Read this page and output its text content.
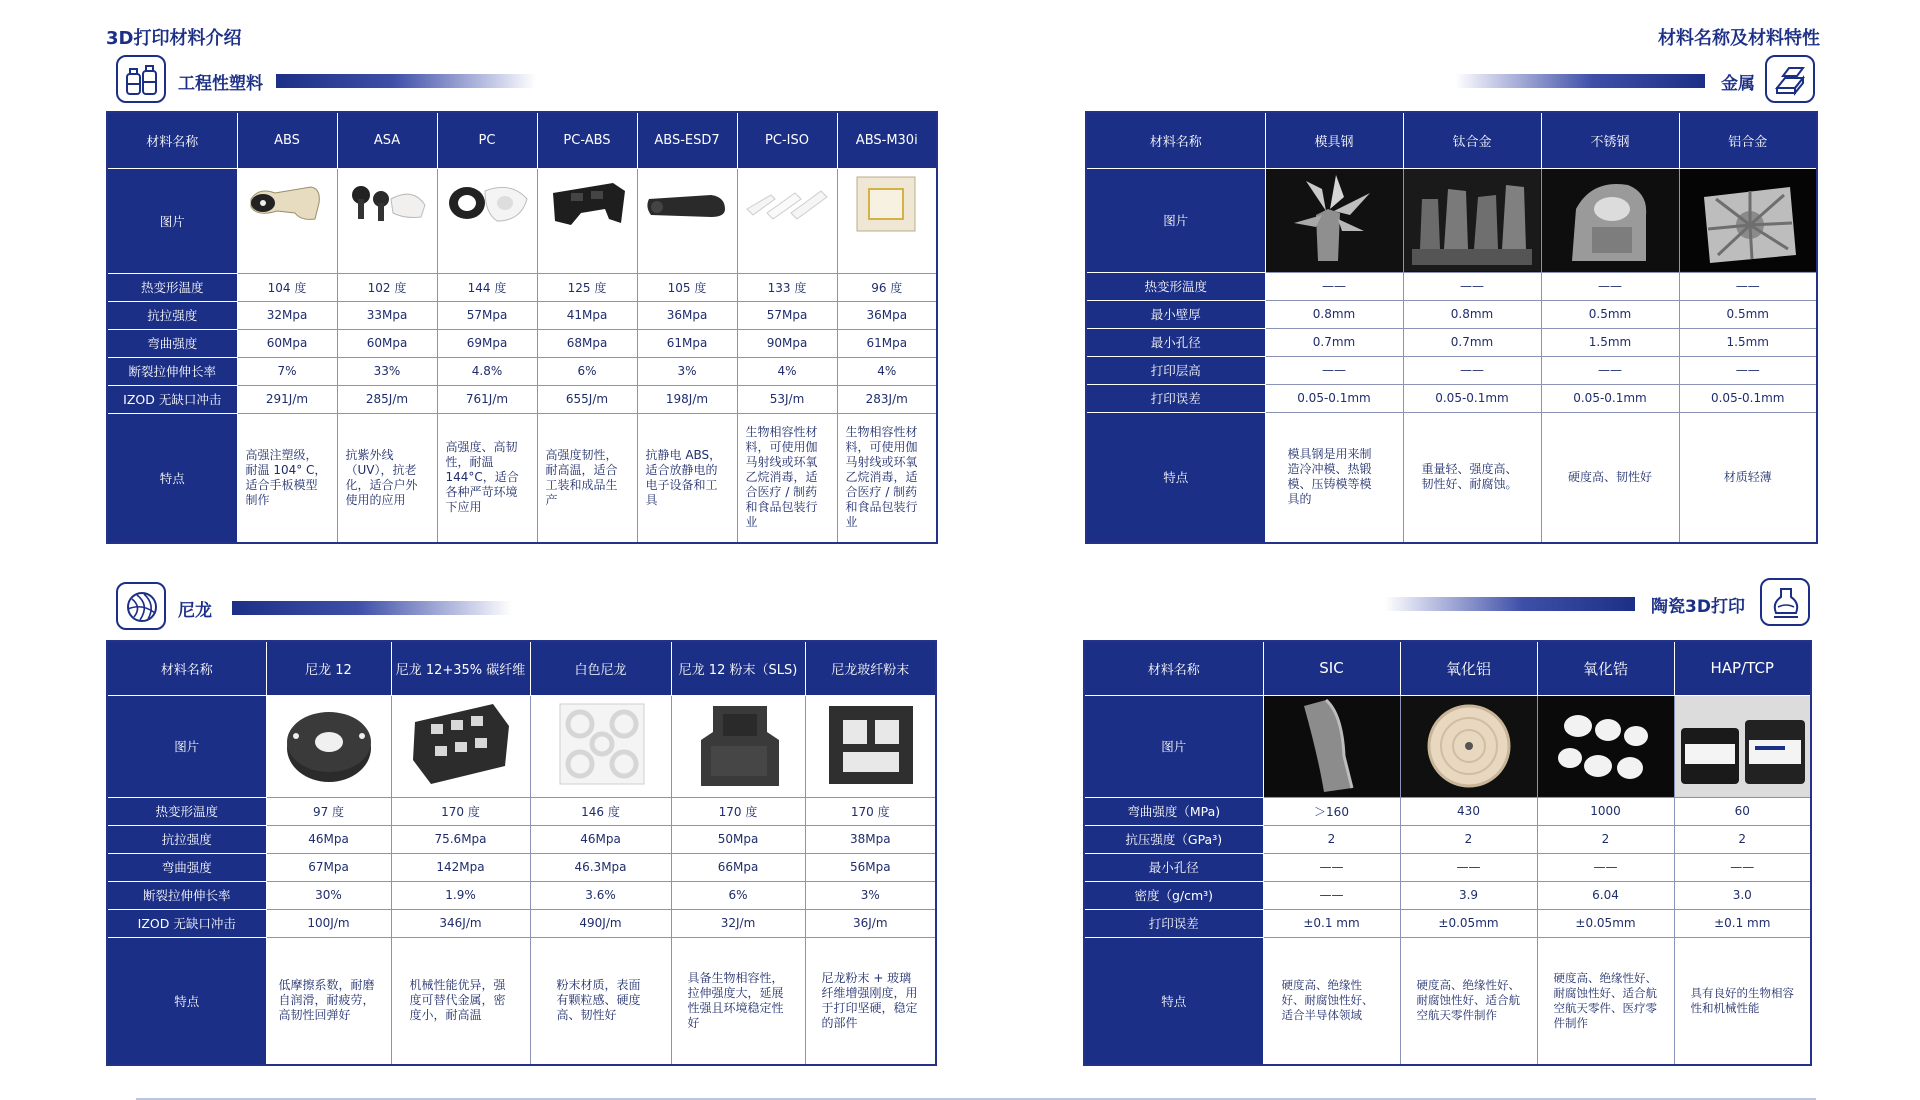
3D打印材料介绍	材料名称及材料特性
工程性塑料	金属
尼龙	陶瓷3D打印
材料名称	ABS	ASA	PC	PC-ABS	ABS-ESD7	PC-ISO	ABS-M30i
图片	

热变形温度	104 度	102 度	144 度	125 度	105 度	133 度	96 度
抗拉强度	32Mpa	33Mpa	57Mpa	41Mpa	36Mpa	57Mpa	36Mpa
弯曲强度	60Mpa	60Mpa	69Mpa	68Mpa	61Mpa	90Mpa	61Mpa
断裂拉伸伸长率	7%	33%	4.8%	6%	3%	4%	4%
IZOD 无缺口冲击	291J/m	285J/m	761J/m	655J/m	198J/m	53J/m	283J/m
特点	高强注塑级，耐温 104° C，适合手板模型制作	抗紫外线（UV），抗老化，适合户外使用的应用	高强度、高韧性，耐温144°C，适合各种严苛环境下应用	高强度韧性，耐高温，适合工装和成品生产	抗静电 ABS，适合放静电的电子设备和工具	生物相容性材料，可使用伽马射线或环氧乙烷消毒，适合医疗 / 制药和食品包装行业	生物相容性材料，可使用伽马射线或环氧乙烷消毒，适合医疗 / 制药和食品包装行业
材料名称	模具钢	钛合金	不锈钢	铝合金
图片	

热变形温度	——	——	——	——
最小壁厚	0.8mm	0.8mm	0.5mm	0.5mm
最小孔径	0.7mm	0.7mm	1.5mm	1.5mm
打印层高	——	——	——	——
打印误差	0.05-0.1mm	0.05-0.1mm	0.05-0.1mm	0.05-0.1mm
特点	模具钢是用来制造冷冲模、热锻模、压铸模等模具的	重量轻、强度高、韧性好、耐腐蚀。	硬度高、韧性好	材质轻薄
材料名称	尼龙 12	尼龙 12+35% 碳纤维	白色尼龙	尼龙 12 粉末（SLS)	尼龙玻纤粉末
图片	

热变形温度	97 度	170 度	146 度	170 度	170 度
抗拉强度	46Mpa	75.6Mpa	46Mpa	50Mpa	38Mpa
弯曲强度	67Mpa	142Mpa	46.3Mpa	66Mpa	56Mpa
断裂拉伸伸长率	30%	1.9%	3.6%	6%	3%
IZOD 无缺口冲击	100J/m	346J/m	490J/m	32J/m	36J/m
特点	低摩擦系数，耐磨自润滑，耐疲劳，高韧性回弹好	机械性能优异，强度可替代金属，密度小，耐高温	粉末材质，表面有颗粒感、硬度高、韧性好	具备生物相容性，拉伸强度大，延展性强且环境稳定性好	尼龙粉末 + 玻璃纤维增强刚度，用于打印坚硬，稳定的部件
材料名称	SIC	氧化铝	氧化锆	HAP/TCP
图片	

弯曲强度（MPa)	＞160	430	1000	60
抗压强度（GPa³)	2	2	2	2
最小孔径	——	——	——	——
密度（g/cm³)	——	3.9	6.04	3.0
打印误差	±0.1 mm	±0.05mm	±0.05mm	±0.1 mm
特点	硬度高、绝缘性好、耐腐蚀性好、适合半导体领域	硬度高、绝缘性好、耐腐蚀性好、适合航空航天零件制作	硬度高、绝缘性好、耐腐蚀性好、适合航空航天零件、医疗零件制作	具有良好的生物相容性和机械性能
